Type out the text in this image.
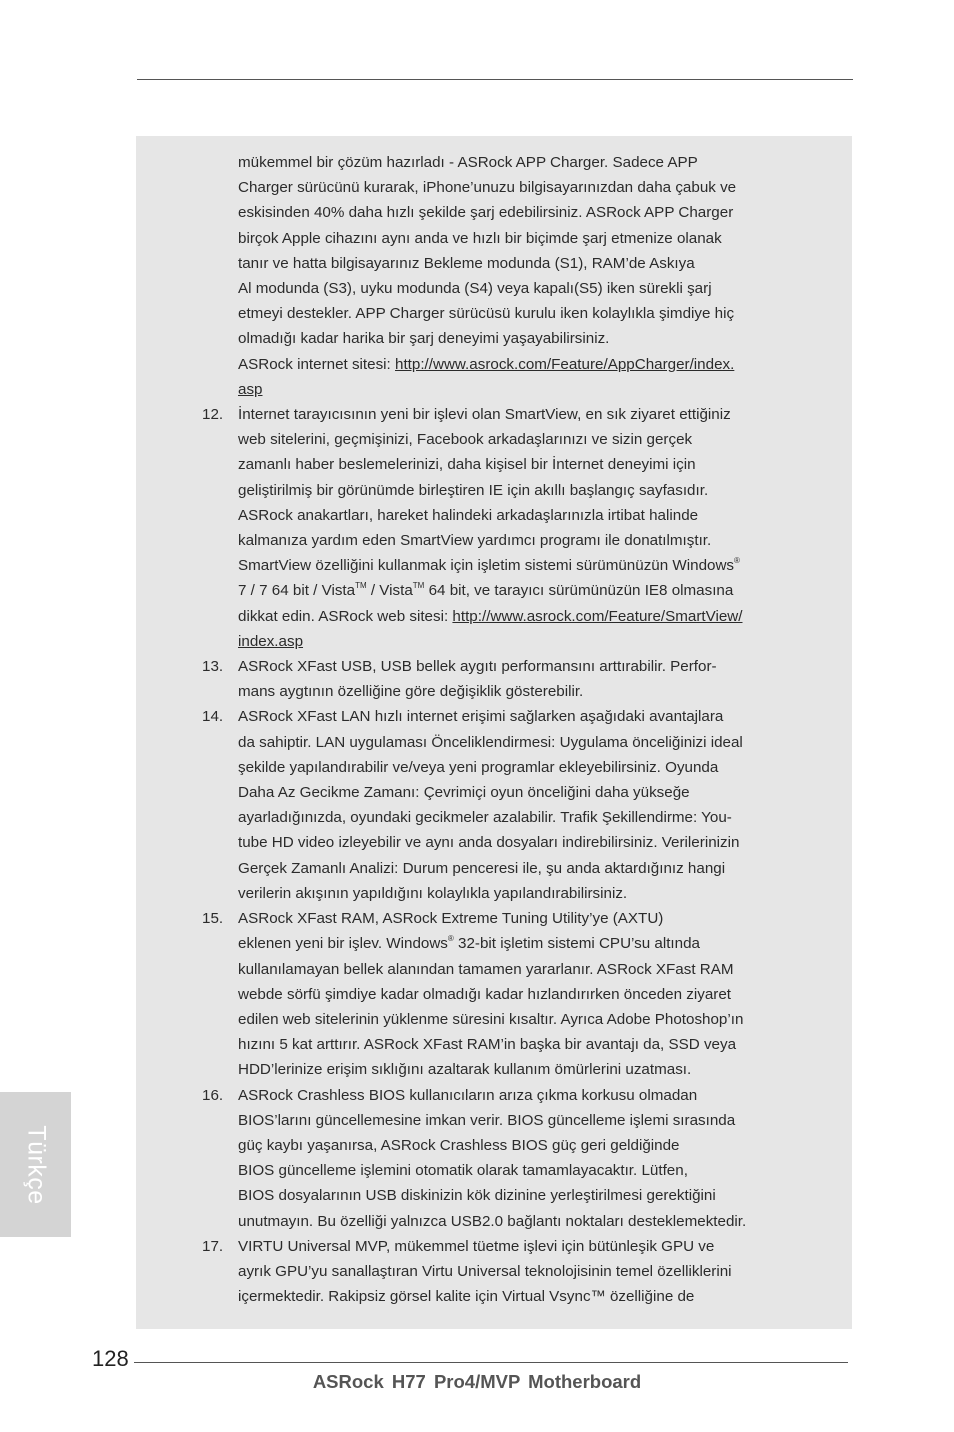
mükemmel bir çözüm hazırladı - ASRock APP Charger. Sadece APP
Charger sürücünü kurarak, iPhone’unuzu bilgisayarınızdan daha çabuk ve
eskisinden 40% daha hızlı şekilde şarj edebilirsiniz. ASRock APP Charger
birçok Apple cihazını aynı anda ve hızlı bir biçimde şarj etmenize olanak
tanır ve hatta bilgisayarınız Bekleme modunda (S1), RAM’de Askıya
Al modunda (S3), uyku modunda (S4) veya kapalı(S5) iken sürekli şarj
etmeyi destekler. APP Charger sürücüsü kurulu iken kolaylıkla şimdiye hiç
olmadığı kadar harika bir şarj deneyimi yaşayabilirsiniz.
ASRock internet sitesi: http://www.asrock.com/Feature/AppCharger/index.
asp
12. İnternet tarayıcısının yeni bir işlevi olan SmartView, en sık ziyaret ettiğiniz
web sitelerini, geçmişinizi, Facebook arkadaşlarınızı ve sizin gerçek
zamanlı haber beslemelerinizi, daha kişisel bir İnternet deneyimi için
geliştirilmiş bir görünümde birleştiren IE için akıllı başlangıç sayfasıdır.
ASRock anakartları, hareket halindeki arkadaşlarınızla irtibat halinde
kalmanıza yardım eden SmartView yardımcı programı ile donatılmıştır.
SmartView özelliğini kullanmak için işletim sistemi sürümünüzün Windows®
7 / 7 64 bit / Vista™ / Vista™ 64 bit, ve tarayıcı sürümünüzün IE8 olmasına
dikkat edin. ASRock web sitesi: http://www.asrock.com/Feature/SmartView/
index.asp
13. ASRock XFast USB, USB bellek aygıtı performansını arttırabilir. Perfor-
mans aygtının özelliğine göre değişiklik gösterebilir.
14. ASRock XFast LAN hızlı internet erişimi sağlarken aşağıdaki avantajlara
da sahiptir. LAN uygulaması Önceliklendirmesi: Uygulama önceliğinizi ideal
şekilde yapılandırabilir ve/veya yeni programlar ekleyebilirsiniz. Oyunda
Daha Az Gecikme Zamanı: Çevrimiçi oyun önceliğini daha yükseğe
ayarladığınızda, oyundaki gecikmeler azalabilir. Trafik Şekillendirme: You-
tube HD video izleyebilir ve aynı anda dosyaları indirebilirsiniz. Verilerinizin
Gerçek Zamanlı Analizi: Durum penceresi ile, şu anda aktardığınız hangi
verilerin akışının yapıldığını kolaylıkla yapılandırabilirsiniz.
15. ASRock XFast RAM, ASRock Extreme Tuning Utility’ye (AXTU)
eklenen yeni bir işlev. Windows® 32-bit işletim sistemi CPU’su altında
kullanılamayan bellek alanından tamamen yararlanır. ASRock XFast RAM
webde sörfü şimdiye kadar olmadığı kadar hızlandırırken önceden ziyaret
edilen web sitelerinin yüklenme süresini kısaltır. Ayrıca Adobe Photoshop’ın
hızını 5 kat arttırır. ASRock XFast RAM’in başka bir avantajı da, SSD veya
HDD’lerinize erişim sıklığını azaltarak kullanım ömürlerini uzatması.
16. ASRock Crashless BIOS kullanıcıların arıza çıkma korkusu olmadan
BIOS’larını güncellemesine imkan verir. BIOS güncelleme işlemi sırasında
güç kaybı yaşanırsa, ASRock Crashless BIOS güç geri geldiğinde
BIOS güncelleme işlemini otomatik olarak tamamlayacaktır. Lütfen,
BIOS dosyalarının USB diskinizin kök dizinine yerleştirilmesi gerektiğini
unutmayın. Bu özelliği yalnızca USB2.0 bağlantı noktaları desteklemektedir.
17. VIRTU Universal MVP, mükemmel tüetme işlevi için bütünleşik GPU ve
ayrık GPU’yu sanallaştıran Virtu Universal teknolojisinin temel özelliklerini
içermektedir. Rakipsiz görsel kalite için Virtual Vsync™ özelliğine de
Türkçe
128
ASRock H77 Pro4/MVP Motherboard
